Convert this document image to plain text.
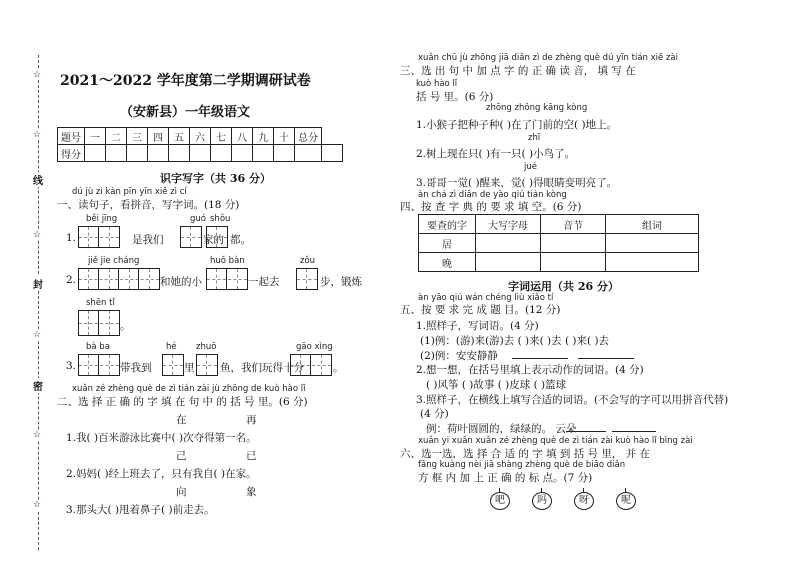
☆
☆
线
☆
封
☆
密
☆
☆
2021～2022 学年度第二学期调研试卷
（安新县）一年级语文
题号	一	二	三	四	五	六	七	八	九	十	总分	
得分												
识字写字（共 36 分）
dú jù zi kàn pīn yīn xiě zì cí
一、读句子，看拼音，写字词。(18 分)
běi jīng	guó shǒu
1.	是我们	家的 都。
jiě jie cháng	huǒ bàn	zǒu
2.	和她的小	一起去	步，锻炼
shēn tǐ
。
bà ba	hé zhuō	gāo xìng
3.	带我到	里 鱼，我们玩得十分	。
xuǎn zé zhèng què de zì tián zài jù zhōng de kuò hào lǐ
二、选 择 正 确 的 字 填 在 句 中 的 括 号 里。(6 分)
在	再
1.我( )百米游泳比赛中( )次夺得第一名。
己	已
2.妈妈( )经上班去了，只有我自( )在家。
向	象
3.那头大( )甩着鼻子( )前走去。
xuǎn chū jù zhōng jiā diǎn zì de zhèng què dú yīn tián xiě zài
三、选 出 句 中 加 点 字 的 正 确 读 音， 填 写 在
kuò hào lǐ
括 号 里。(6 分)
zhōng zhǒng kāng kòng
1.小猴子把种子种( )在了门前的空( )地上。
zhī
2.树上现在只( )有一只( )小鸟了。
jué
3.哥哥一觉( )醒来，觉( )得眼睛变明亮了。
àn chá zì diǎn de yào qiú tián kòng
四、按 查 字 典 的 要 求 填 空。(6 分)
要查的字	大写字母	音节	组词
居			
晚			
字词运用（共 26 分）
àn yāo qiú wán chéng liù xiǎo tí
五、按 要 求 完 成 题 目。(12 分)
1.照样子，写词语。(4 分)
(1)例：(游)来(游)去 ( )来( )去 ( )来( )去
(2)例：安安静静
2.想一想，在括号里填上表示动作的词语。(4 分)
( )风筝 ( )故事 ( )皮球 ( )篮球
3.照样子，在横线上填写合适的词语。(不会写的字可以用拼音代替)
(4 分)
例：荷叶圆圆的，绿绿的。 云朵
xuǎn yi xuǎn xuǎn zé zhèng què de zì tián zài kuò hào lǐ bìng zài
六、选一选，选 择 合 适 的 字 填 到 括 号 里， 并 在
fāng kuàng nèi jiā shàng zhèng què de biāo diǎn
方 框 内 加 上 正 确 的 标 点。(7 分)
吧	吗	呀	呢
